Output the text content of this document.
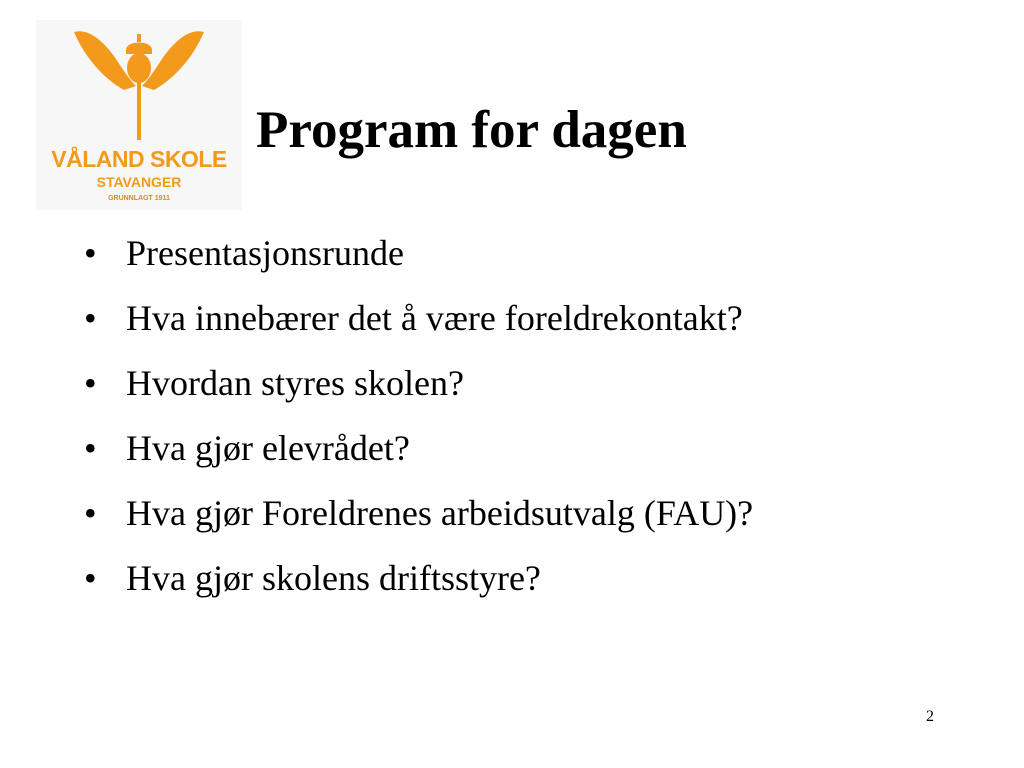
VÅLAND SKOLE
STAVANGER
GRUNNLAGT 1911
Program for dagen
• Presentasjonsrunde
• Hva innebærer det å være foreldrekontakt?
• Hvordan styres skolen?
• Hva gjør elevrådet?
• Hva gjør Foreldrenes arbeidsutvalg (FAU)?
• Hva gjør skolens driftsstyre?
2
